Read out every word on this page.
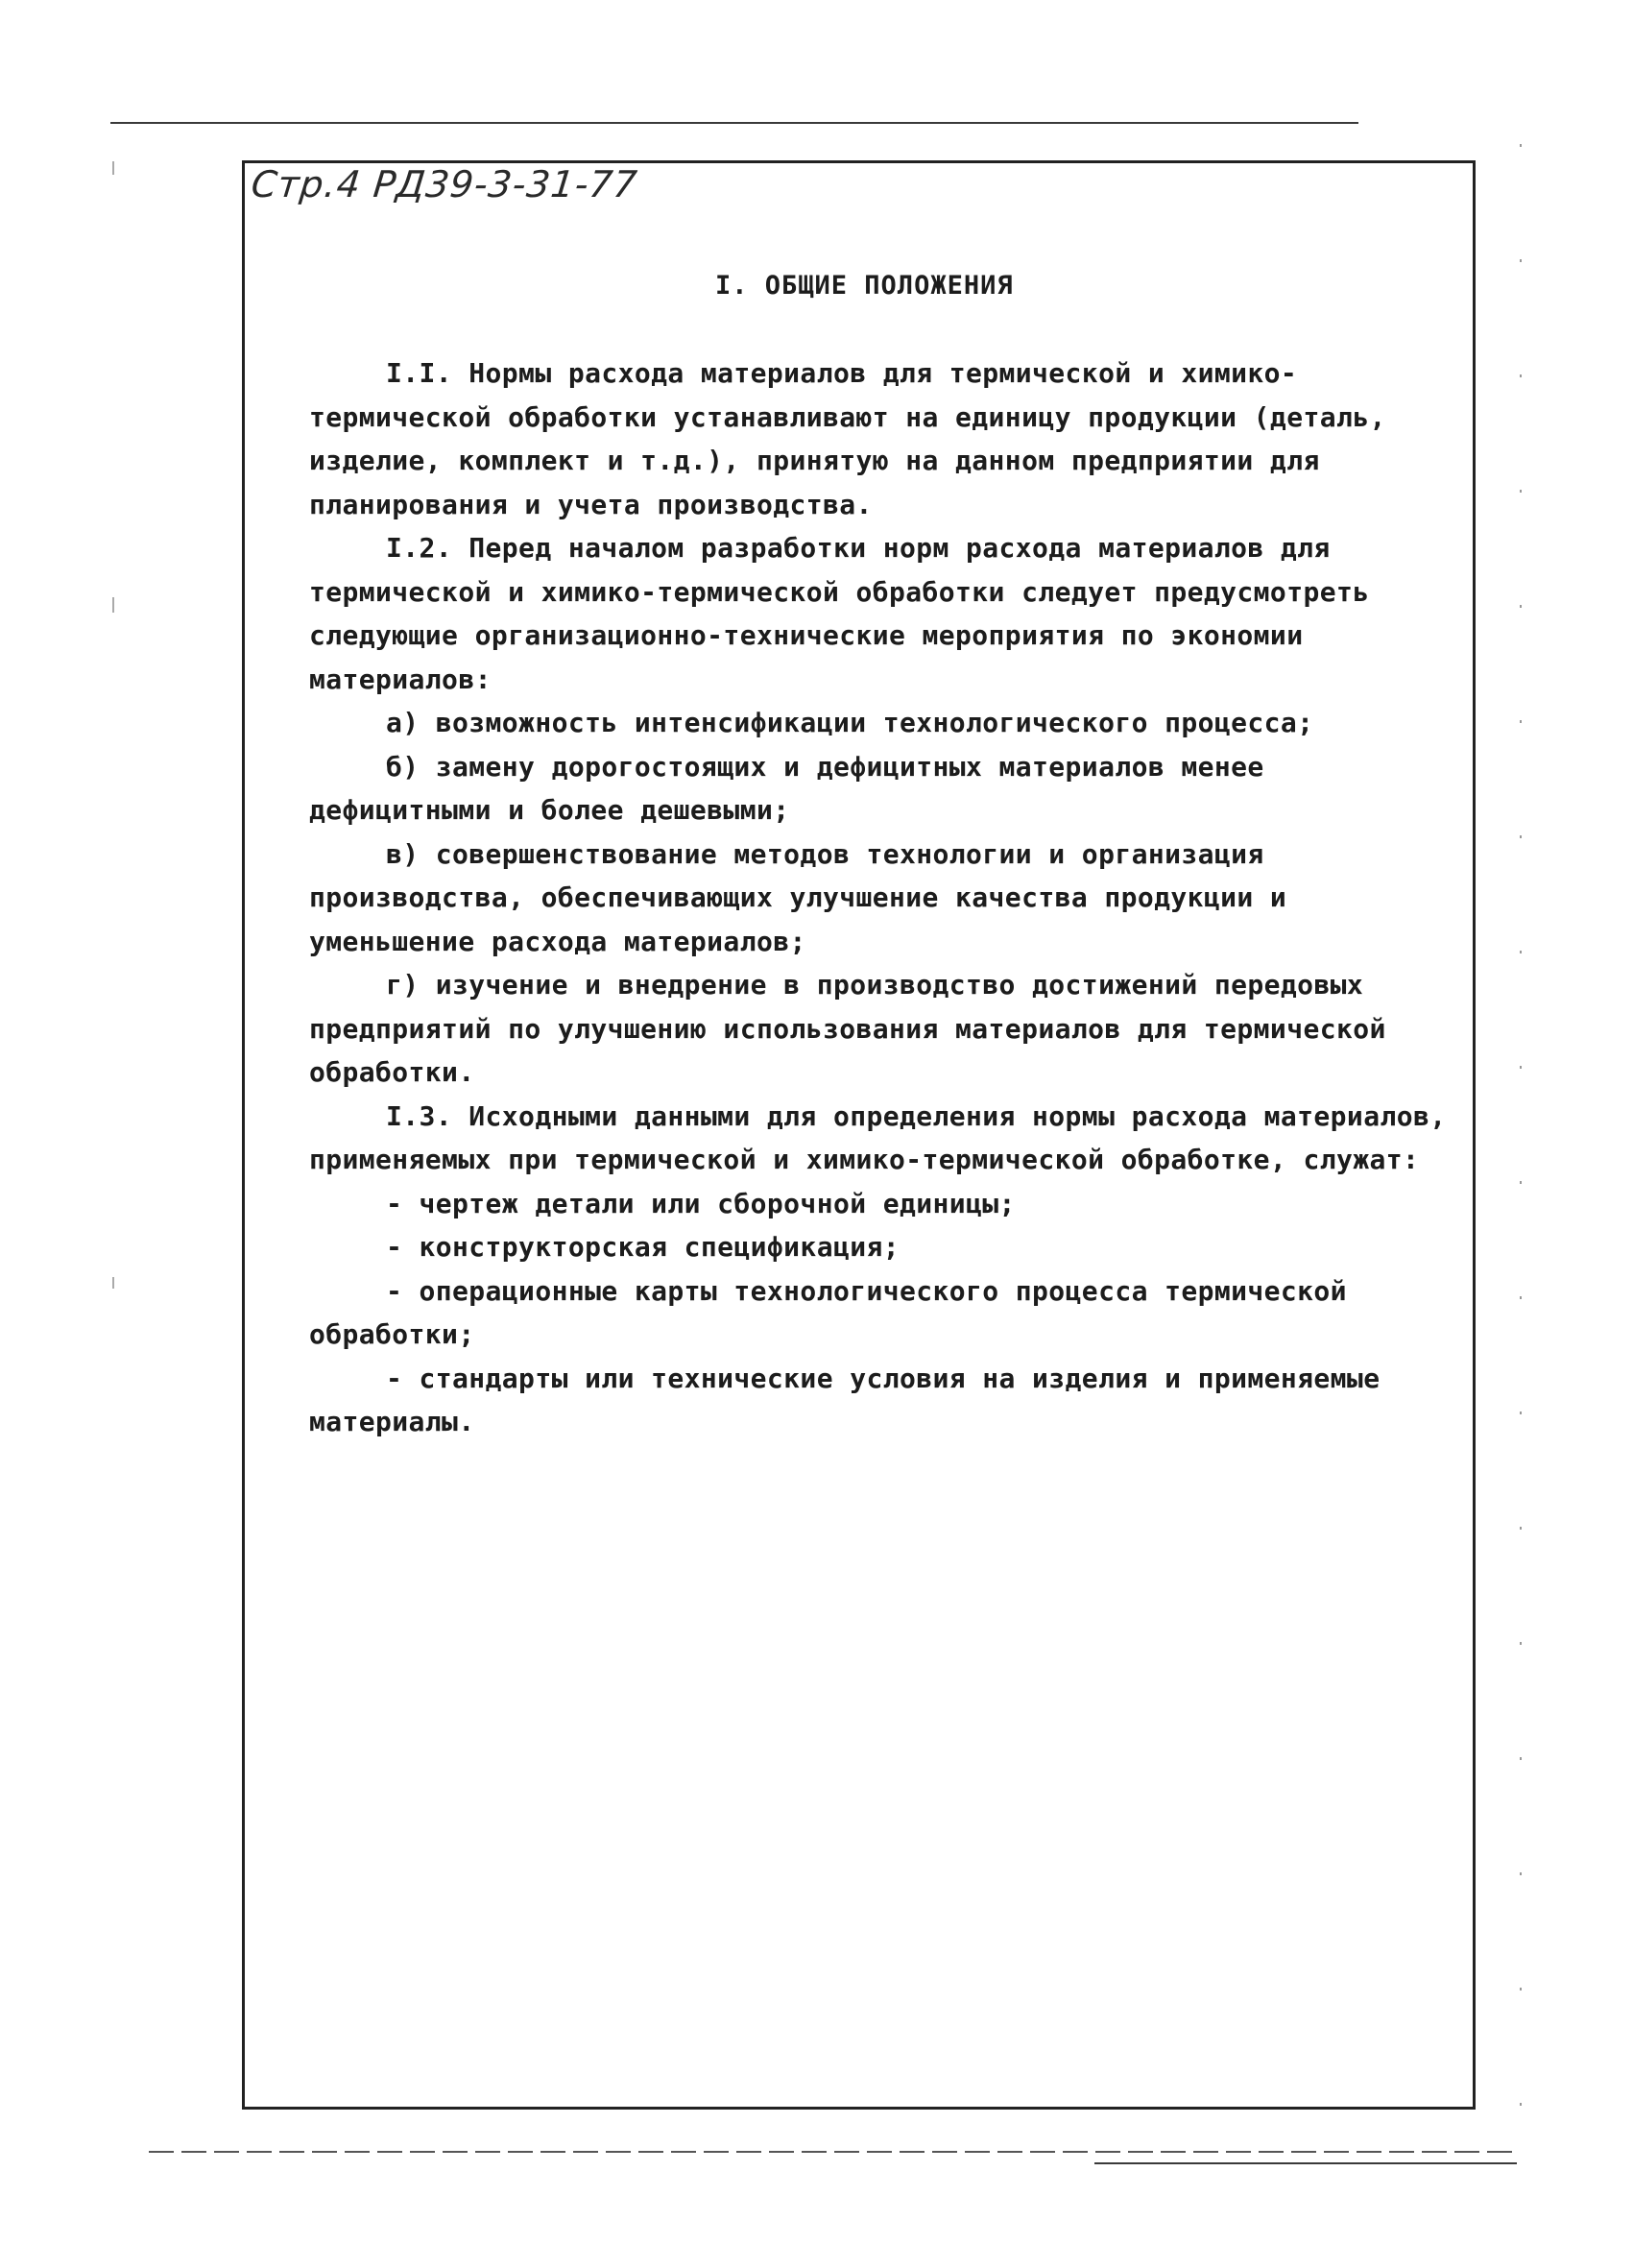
Стр.4 РД39-3-31-77
I. ОБЩИЕ ПОЛОЖЕНИЯ

I.I. Нормы расхода материалов для термической и химико-термической обработки устанавливают на единицу продукции (деталь, изделие, комплект и т.д.), принятую на данном предприятии для планирования и учета производства.

I.2. Перед началом разработки норм расхода материалов для термической и химико-термической обработки следует предусмотреть следующие организационно-технические мероприятия по экономии материалов:

а) возможность интенсификации технологического процесса;

б) замену дорогостоящих и дефицитных материалов менее дефицитными и более дешевыми;

в) совершенствование методов технологии и организация производства, обеспечивающих улучшение качества продукции и уменьшение расхода материалов;

г) изучение и внедрение в производство достижений передовых предприятий по улучшению использования материалов для термической обработки.

I.3. Исходными данными для определения нормы расхода материалов, применяемых при термической и химико-термической обработке, служат:

- чертеж детали или сборочной единицы;

- конструкторская спецификация;

- операционные карты технологического процесса термической обработки;

- стандарты или технические условия на изделия и применяемые материалы.
